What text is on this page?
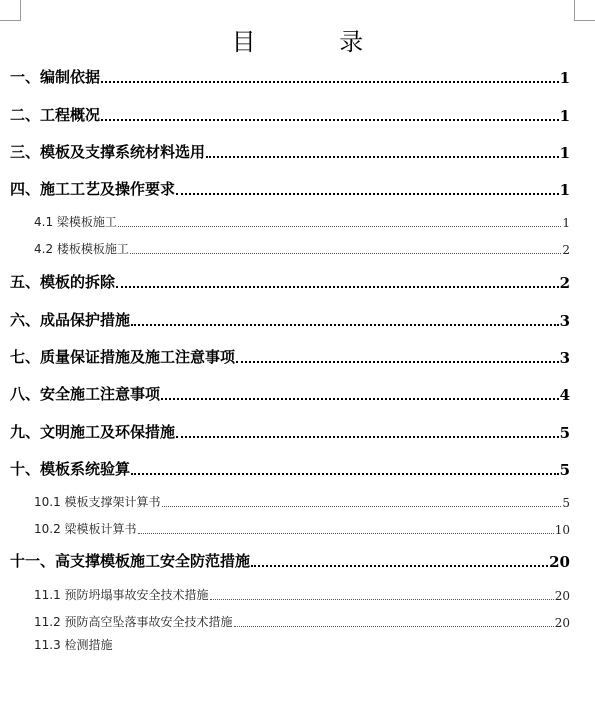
目 录
一、编制依据	1
二、工程概况	1
三、模板及支撑系统材料选用	1
四、施工工艺及操作要求	1
4.1 梁模板施工	1
4.2 楼板模板施工	2
五、模板的拆除	2
六、成品保护措施	3
七、质量保证措施及施工注意事项	3
八、安全施工注意事项	4
九、文明施工及环保措施	5
十、模板系统验算	5
10.1 模板支撑架计算书	5
10.2 梁模板计算书	10
十一、高支撑模板施工安全防范措施	20
11.1 预防坍塌事故安全技术措施	20
11.2 预防高空坠落事故安全技术措施	20
11.3 检测措施
